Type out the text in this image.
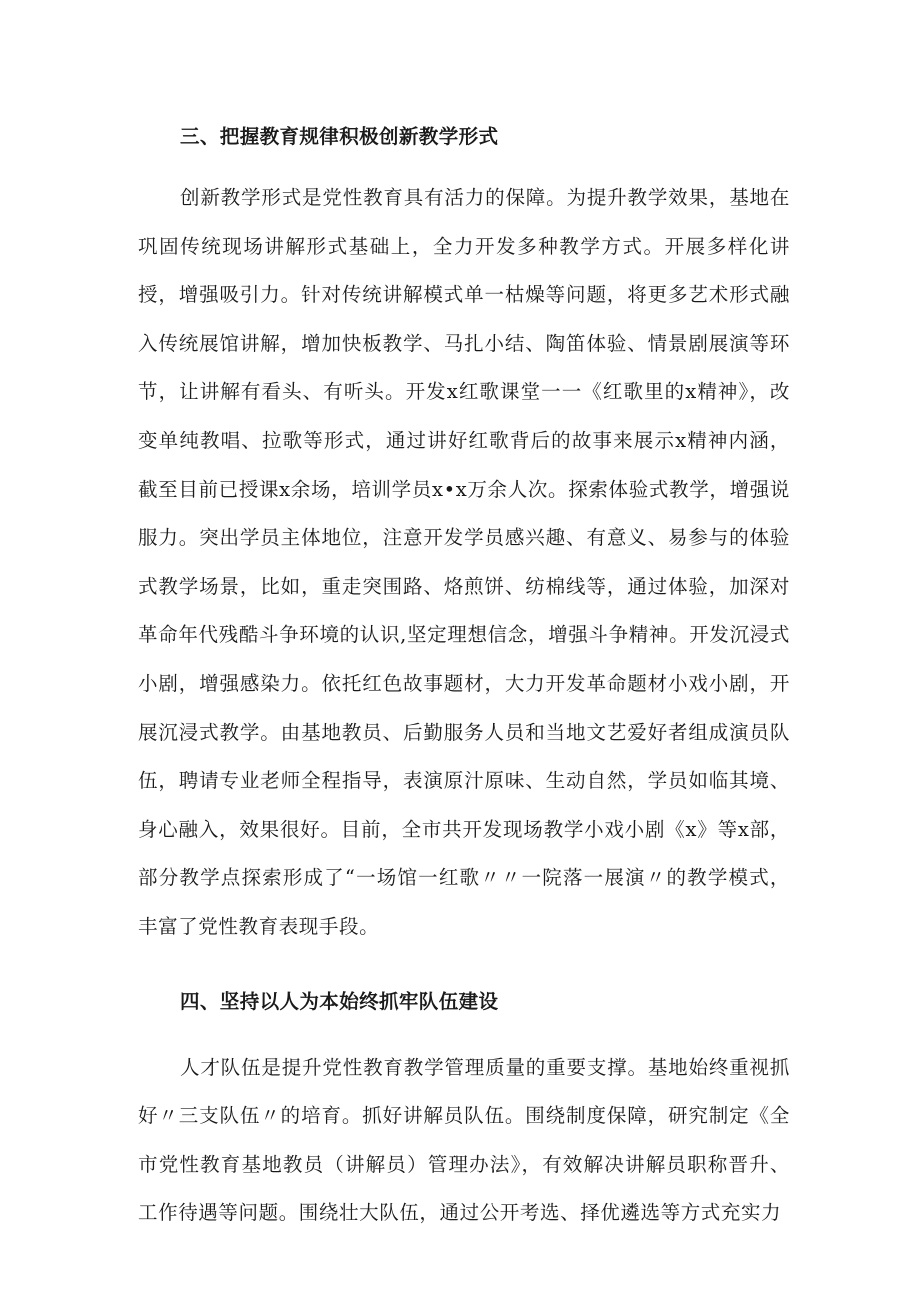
三、把握教育规律积极创新教学形式

创新教学形式是党性教育具有活力的保障。为提升教学效果，基地在巩固传统现场讲解形式基础上，全力开发多种教学方式。开展多样化讲授，增强吸引力。针对传统讲解模式单一枯燥等问题，将更多艺术形式融入传统展馆讲解，增加快板教学、马扎小结、陶笛体验、情景剧展演等环节，让讲解有看头、有听头。开发x红歌课堂一一《红歌里的x精神》，改变单纯教唱、拉歌等形式，通过讲好红歌背后的故事来展示x精神内涵，截至目前已授课x余场，培训学员x•x万余人次。探索体验式教学，增强说服力。突出学员主体地位，注意开发学员感兴趣、有意义、易参与的体验式教学场景，比如，重走突围路、烙煎饼、纺棉线等，通过体验，加深对革命年代残酷斗争环境的认识,坚定理想信念，增强斗争精神。开发沉浸式小剧，增强感染力。依托红色故事题材，大力开发革命题材小戏小剧，开展沉浸式教学。由基地教员、后勤服务人员和当地文艺爱好者组成演员队伍，聘请专业老师全程指导，表演原汁原味、生动自然，学员如临其境、身心融入，效果很好。目前，全市共开发现场教学小戏小剧《x》等x部，部分教学点探索形成了“一场馆一红歌〃〃一院落一展演〃的教学模式，丰富了党性教育表现手段。

四、坚持以人为本始终抓牢队伍建设

人才队伍是提升党性教育教学管理质量的重要支撑。基地始终重视抓好〃三支队伍〃的培育。抓好讲解员队伍。围绕制度保障，研究制定《全市党性教育基地教员（讲解员）管理办法》，有效解决讲解员职称晋升、工作待遇等问题。围绕壮大队伍，通过公开考选、择优遴选等方式充实力
